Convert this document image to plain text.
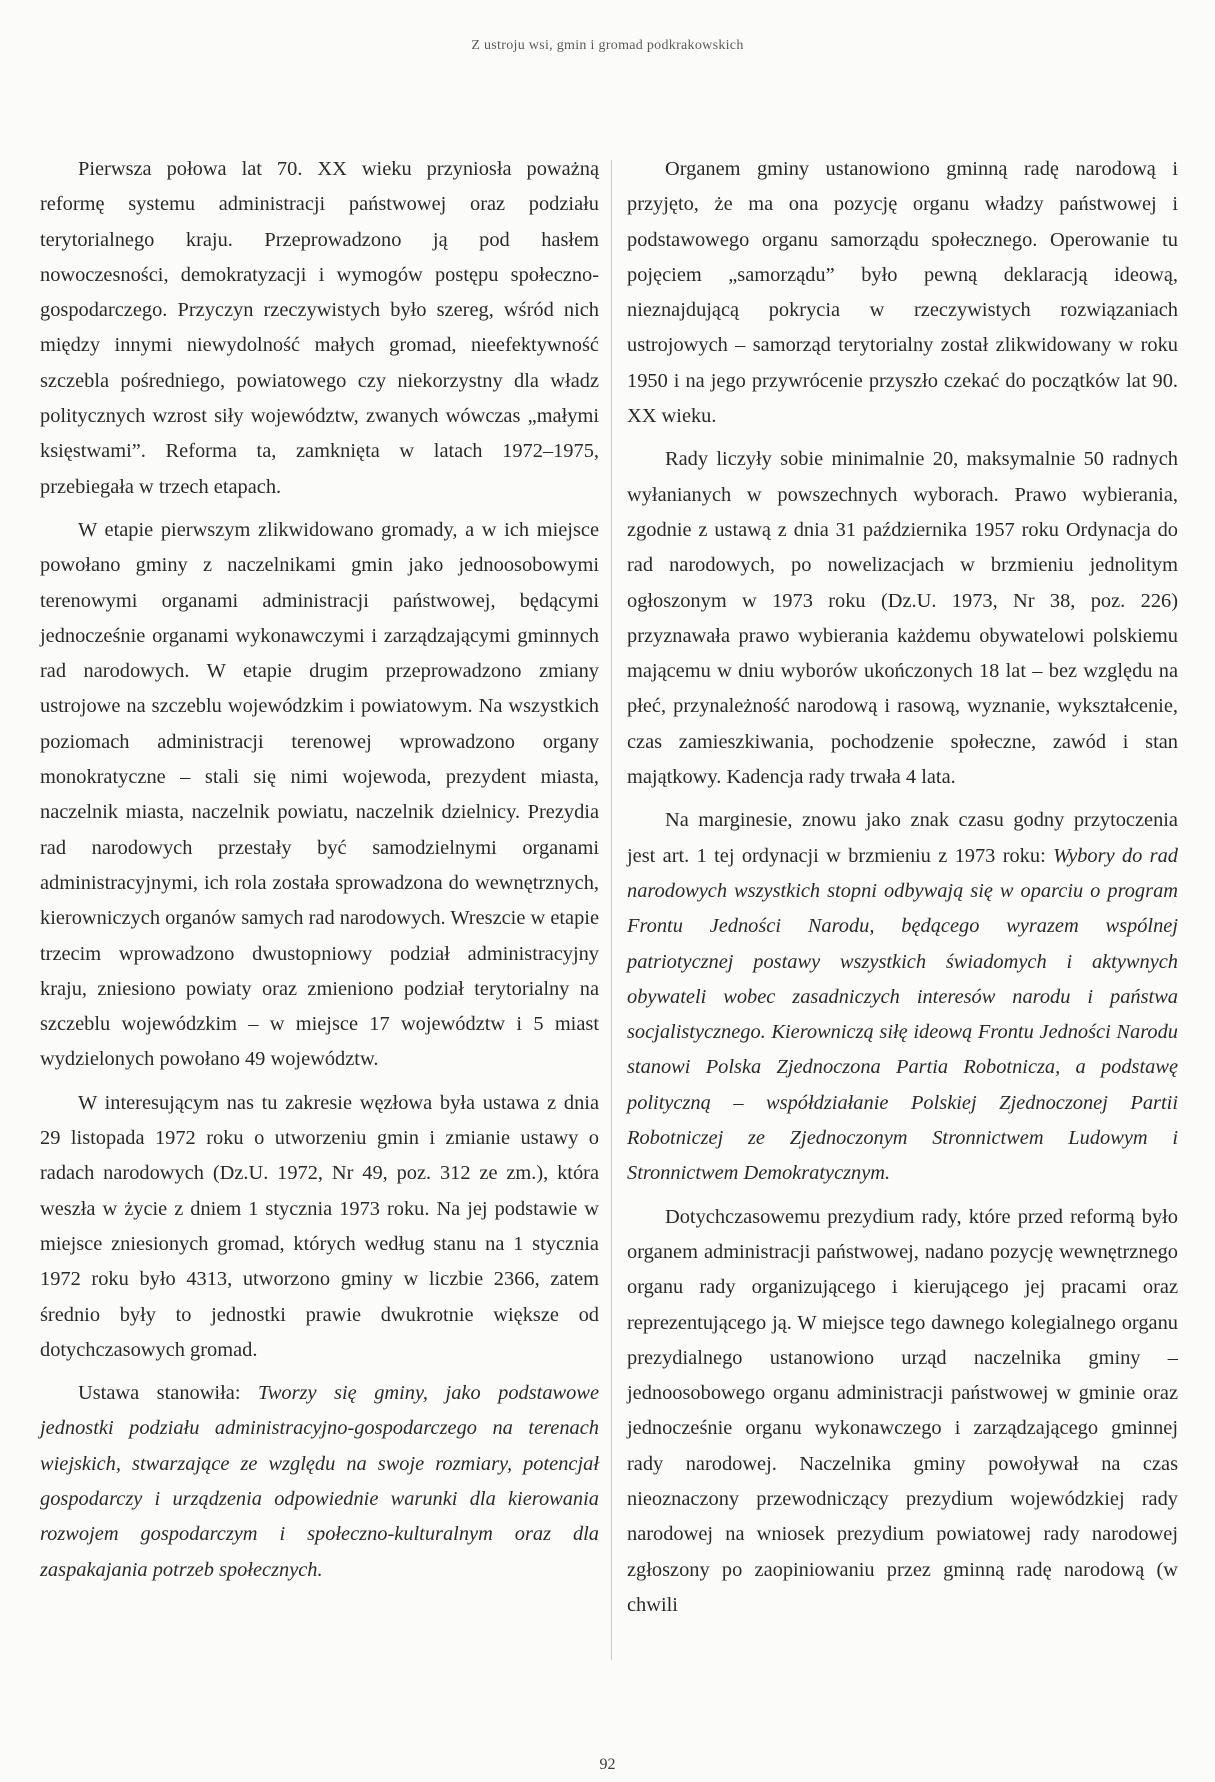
Z ustroju wsi, gmin i gromad podkrakowskich

Pierwsza połowa lat 70. XX wieku przyniosła poważną reformę systemu administracji państwowej oraz podziału terytorialnego kraju. Przeprowadzono ją pod hasłem nowoczesności, demokratyzacji i wymogów postępu społeczno-gospodarczego. Przyczyn rzeczywistych było szereg, wśród nich między innymi niewydolność małych gromad, nieefektywność szczebla pośredniego, powiatowego czy niekorzystny dla władz politycznych wzrost siły województw, zwanych wówczas „małymi księstwami”. Reforma ta, zamknięta w latach 1972–1975, przebiegała w trzech etapach.

W etapie pierwszym zlikwidowano gromady, a w ich miejsce powołano gminy z naczelnikami gmin jako jednoosobowymi terenowymi organami administracji państwowej, będącymi jednocześnie organami wykonawczymi i zarządzającymi gminnych rad narodowych. W etapie drugim przeprowadzono zmiany ustrojowe na szczeblu wojewódzkim i powiatowym. Na wszystkich poziomach administracji terenowej wprowadzono organy monokratyczne – stali się nimi wojewoda, prezydent miasta, naczelnik miasta, naczelnik powiatu, naczelnik dzielnicy. Prezydia rad narodowych przestały być samodzielnymi organami administracyjnymi, ich rola została sprowadzona do wewnętrznych, kierowniczych organów samych rad narodowych. Wreszcie w etapie trzecim wprowadzono dwustopniowy podział administracyjny kraju, zniesiono powiaty oraz zmieniono podział terytorialny na szczeblu wojewódzkim – w miejsce 17 województw i 5 miast wydzielonych powołano 49 województw.

W interesującym nas tu zakresie węzłowa była ustawa z dnia 29 listopada 1972 roku o utworzeniu gmin i zmianie ustawy o radach narodowych (Dz.U. 1972, Nr 49, poz. 312 ze zm.), która weszła w życie z dniem 1 stycznia 1973 roku. Na jej podstawie w miejsce zniesionych gromad, których według stanu na 1 stycznia 1972 roku było 4313, utworzono gminy w liczbie 2366, zatem średnio były to jednostki prawie dwukrotnie większe od dotychczasowych gromad.

Ustawa stanowiła: Tworzy się gminy, jako podstawowe jednostki podziału administracyjno-gospodarczego na terenach wiejskich, stwarzające ze względu na swoje rozmiary, potencjał gospodarczy i urządzenia odpowiednie warunki dla kierowania rozwojem gospodarczym i społeczno-kulturalnym oraz dla zaspakajania potrzeb społecznych.

Organem gminy ustanowiono gminną radę narodową i przyjęto, że ma ona pozycję organu władzy państwowej i podstawowego organu samorządu społecznego. Operowanie tu pojęciem „samorządu” było pewną deklaracją ideową, nieznajdującą pokrycia w rzeczywistych rozwiązaniach ustrojowych – samorząd terytorialny został zlikwidowany w roku 1950 i na jego przywrócenie przyszło czekać do początków lat 90. XX wieku.

Rady liczyły sobie minimalnie 20, maksymalnie 50 radnych wyłanianych w powszechnych wyborach. Prawo wybierania, zgodnie z ustawą z dnia 31 października 1957 roku Ordynacja do rad narodowych, po nowelizacjach w brzmieniu jednolitym ogłoszonym w 1973 roku (Dz.U. 1973, Nr 38, poz. 226) przyznawała prawo wybierania każdemu obywatelowi polskiemu mającemu w dniu wyborów ukończonych 18 lat – bez względu na płeć, przynależność narodową i rasową, wyznanie, wykształcenie, czas zamieszkiwania, pochodzenie społeczne, zawód i stan majątkowy. Kadencja rady trwała 4 lata.

Na marginesie, znowu jako znak czasu godny przytoczenia jest art. 1 tej ordynacji w brzmieniu z 1973 roku: Wybory do rad narodowych wszystkich stopni odbywają się w oparciu o program Frontu Jedności Narodu, będącego wyrazem wspólnej patriotycznej postawy wszystkich świadomych i aktywnych obywateli wobec zasadniczych interesów narodu i państwa socjalistycznego. Kierowniczą siłę ideową Frontu Jedności Narodu stanowi Polska Zjednoczona Partia Robotnicza, a podstawę polityczną – współdziałanie Polskiej Zjednoczonej Partii Robotniczej ze Zjednoczonym Stronnictwem Ludowym i Stronnictwem Demokratycznym.

Dotychczasowemu prezydium rady, które przed reformą było organem administracji państwowej, nadano pozycję wewnętrznego organu rady organizującego i kierującego jej pracami oraz reprezentującego ją. W miejsce tego dawnego kolegialnego organu prezydialnego ustanowiono urząd naczelnika gminy – jednoosobowego organu administracji państwowej w gminie oraz jednocześnie organu wykonawczego i zarządzającego gminnej rady narodowej. Naczelnika gminy powoływał na czas nieoznaczony przewodniczący prezydium wojewódzkiej rady narodowej na wniosek prezydium powiatowej rady narodowej zgłoszony po zaopiniowaniu przez gminną radę narodową (w chwili

92
